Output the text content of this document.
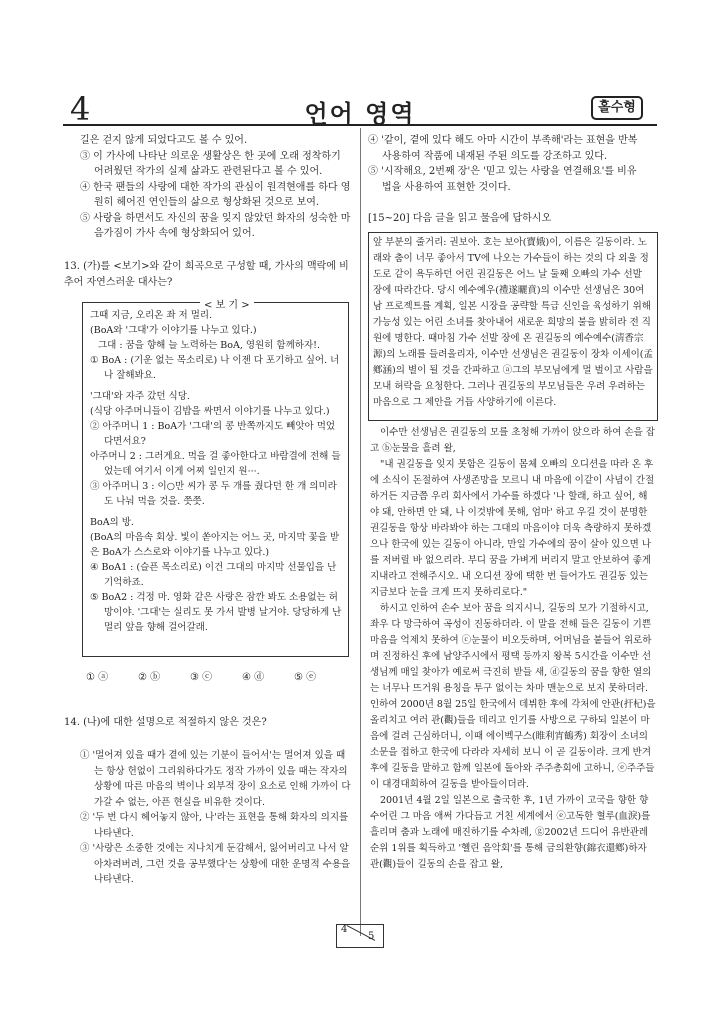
4	언어 영역	홀수형

길은 걷지 않게 되었다고도 볼 수 있어.

③ 이 가사에 나타난 의로운 생활상은 한 곳에 오래 정착하기 어려웠던 작가의 실제 삶과도 관련된다고 볼 수 있어.

④ 한국 팬들의 사랑에 대한 작가의 관심이 원격현애를 하다 영원히 헤어진 연인들의 삶으로 형상화된 것으로 보여.

⑤ 사랑을 하면서도 자신의 꿈을 잊지 않았던 화자의 성숙한 마음가짐이 가사 속에 형상화되어 있어.

13. (가)를 <보기>와 같이 희곡으로 구성할 때, 가사의 맥락에 비추어 자연스러운 대사는?
< 보 기 >

그때 지금, 오리온 좌 저 멀리.

(BoA와 '그대'가 이야기를 나누고 있다.)

그대 : 꿈을 향해 늘 노력하는 BoA, 영원히 함께하자!.

① BoA : (기운 없는 목소리로) 나 이젠 다 포기하고 싶어. 너나 잘해봐요.

'그대'와 자주 갔던 식당.

(식당 아주머니들이 김밥을 싸면서 이야기를 나누고 있다.)

② 아주머니 1 : BoA가 '그대'의 콩 반쪽까지도 빼앗아 먹었다면서요?

아주머니 2 : 그러게요. 먹을 걸 좋아한다고 바람결에 전해 들었는데 여기서 이게 어찌 일인지 원···.

③ 아주머니 3 : 이○만 씨가 콩 두 개를 줬다던 한 개 의미라도 나눠 먹을 것을. 쯧쯧.

BoA의 방.

(BoA의 마음속 회상. 빛이 쏟아지는 어느 곳, 마지막 꽃을 받은 BoA가 스스로와 이야기를 나누고 있다.)

④ BoA1 : (슬픈 목소리로) 이건 그대의 마지막 선물입을 난 기억하죠.

⑤ BoA2 : 걱정 마. 영화 같은 사랑은 잠깐 봐도 소용없는 허망이야. '그대'는 실리도 못 가서 발병 날거야. 당당하게 난 멀리 앞을 향해 걸어갈래.

① ⓐ	② ⓑ	③ ⓒ	④ ⓓ	⑤ ⓔ
14. (나)에 대한 설명으로 적절하지 않은 것은?

① '멀어져 있을 때가 곁에 있는 기분이 들어서'는 멀어져 있을 때는 항상 헌없이 그리워하다가도 정작 가까이 있을 때는 작자의 상황에 따른 마음의 벽이나 외부적 장이 요소로 인해 가까이 다가갈 수 없는, 아픈 현실을 비유한 것이다.

② '두 번 다시 헤어놓지 않아, 나'라는 표현을 통해 화자의 의지를 나타낸다.

③ '사랑은 소중한 것에는 지나치게 둔감해서, 잃어버리고 나서 알아차려버려, 그런 것을 공부했다'는 상황에 대한 운명적 수용을 나타낸다.

④ '같이, 곁에 있다 해도 아마 시간이 부족해'라는 표현을 반복 사용하여 작품에 내재된 주된 의도를 강조하고 있다.

⑤ '시작해요, 2번째 장'은 '믿고 있는 사랑을 연결해요'를 비유법을 사용하여 표현한 것이다.

[15~20] 다음 글을 읽고 물음에 답하시오
앞 부분의 줄거리: 권보아. 호는 보아(寶娥)이, 이름은 길동이라. 노래와 춤이 너무 좋아서 TV에 나오는 가수들이 하는 것의 다 외울 정도로 같이 욕두하던 어린 권길동은 어느 날 둘째 오빠의 가수 선발 장에 따라간다. 당시 예수예우(禮遂曬賁)의 이수만 선생님은 30여 남 프로젝트를 계획, 일본 시장을 공략할 특급 신인을 육성하기 위해 가능성 있는 어린 소녀를 찾아내어 새로운 희망의 불을 밝히라 전 직원에 명한다. 때마침 가수 선발 장에 온 권길동의 예수예수(淸香宗源)의 노래를 들려올리자, 이수만 선생님은 권길동이 장차 이세이(孟鄕涵)의 별이 될 것을 간파하고 ⓐ그의 부모님에게 멀 벌이고 사람을 모내 허락을 요청한다. 그러나 권길동의 부모님들은 우려 우려하는 마음으로 그 제안을 거듭 사양하기에 이른다.

이수만 선생님은 권길동의 모를 초청해 가까이 앉으라 하여 손을 잡고 ⓑ눈물을 흘려 왈,

"내 권길동을 잊지 못함은 길동이 몸체 오빠의 오디션을 따라 온 후에 소식이 돈절하여 사생존망을 모르니 내 마음에 이같이 사념이 간절하거든 지금쯤 우리 회사에서 가수를 하겠다 '나 할래, 하고 싶어, 해야 돼, 안하면 안 돼, 나 이것밖에 못해, 엄마' 하고 우길 것이 분명한 권길동을 항상 바라봐야 하는 그대의 마음이야 더욱 측량하지 못하겠으나 한국에 있는 길동이 아니라, 만일 가수에의 꿈이 살아 있으면 나를 저버릴 바 없으리라. 부디 꿈을 가벼게 버리지 말고 안보하여 좋게 지내라고 전해주시오. 내 오디션 장에 택한 번 들어가도 권길동 있는 지금보다 눈을 크게 뜨지 못하리로다."

하시고 인하여 손수 보아 꿈을 의지시니, 길동의 모가 기절하시고, 좌우 다 망극하여 곡성이 진동하더라. 이 말을 전해 들은 길동이 기쁜 마음을 억제치 못하여 ⓒ눈물이 비오듯하며, 어머님을 붙들어 위로하며 진정하신 후에 남양주시에서 평택 등까지 왕복 5시간을 이수만 선생님께 매일 찾아가 예로써 극진히 받들 새, ⓓ길동의 꿈을 향한 열의는 너무나 뜨거워 용칭을 투구 없이는 차마 맨눈으로 보지 못하더라. 인하여 2000년 8월 25일 한국에서 데뷔한 후에 각처에 안관(扞杞)을 올리치고 여러 관(觀)들을 데리고 인기를 사방으로 구하되 일본이 마음에 걸려 근심하더니, 이때 에이벡구스(睢利宵鶴秀) 회장이 소녀의 소문을 접하고 한국에 다라라 자세히 보니 이 곧 길동이라. 크게 반겨 후에 길동을 맡하고 함께 일본에 돌아와 주주총회에 고하니, ⓔ주주들이 대경대희하여 길동을 받아들이더라.

2001년 4월 2일 일본으로 출국한 후, 1년 가까이 고국을 향한 향수어린 그 마음 애써 가다듬고 거친 세계에서 ⓔ고독한 혈루(血淚)를 흘리며 춤과 노래에 매진하기를 수차례, ⓖ2002년 드디어 유반관레순위 1위를 획득하고 '헬린 음악회'를 통해 금의환향(錦衣還鄕)하자 관(觀)들이 길동의 손을 잡고 왈,

4
5
